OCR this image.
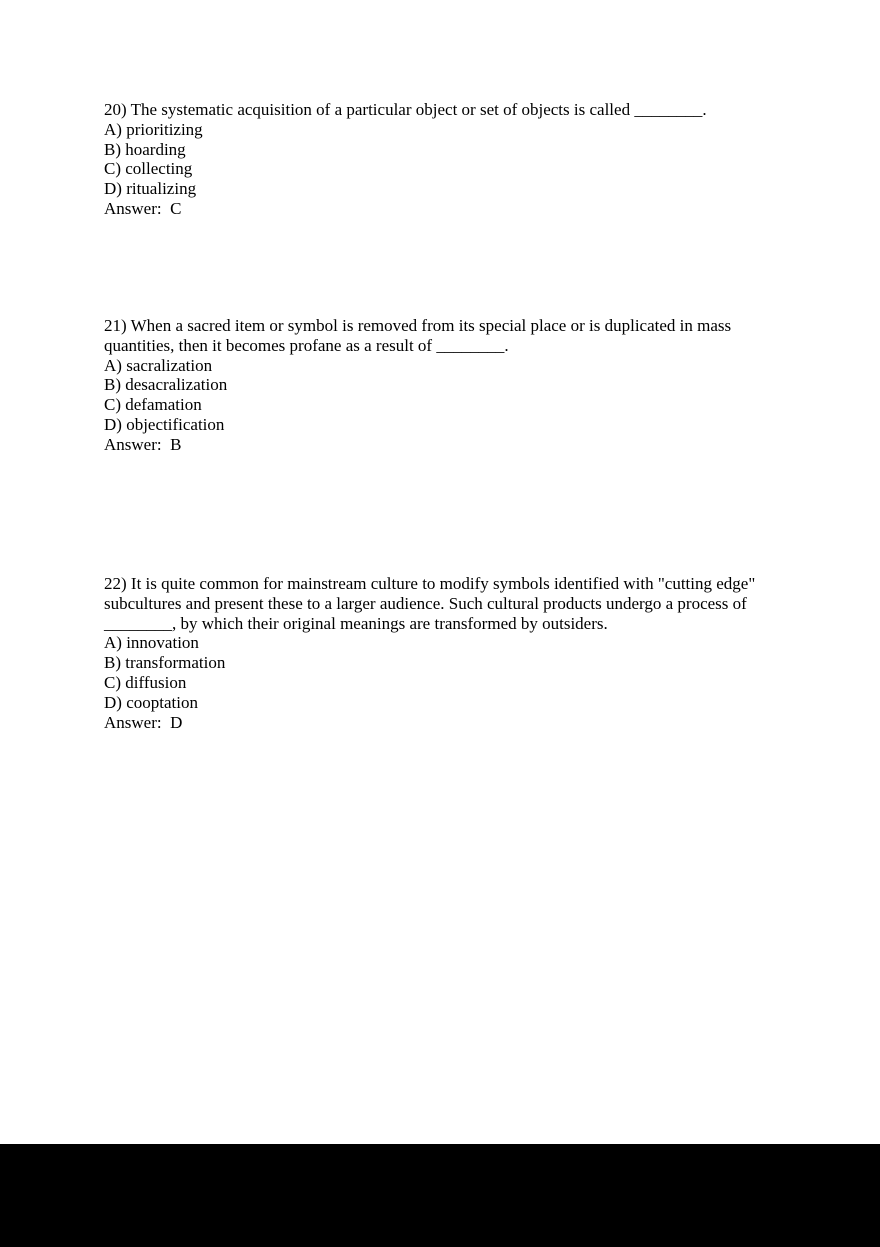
20) The systematic acquisition of a particular object or set of objects is called ________.

A) prioritizing
B) hoarding
C) collecting
D) ritualizing

Answer:  C

21) When a sacred item or symbol is removed from its special place or is duplicated in mass quantities, then it becomes profane as a result of ________.

A) sacralization
B) desacralization
C) defamation
D) objectification

Answer:  B

22) It is quite common for mainstream culture to modify symbols identified with "cutting edge" subcultures and present these to a larger audience. Such cultural products undergo a process of ________, by which their original meanings are transformed by outsiders.

A) innovation
B) transformation
C) diffusion
D) cooptation

Answer:  D
